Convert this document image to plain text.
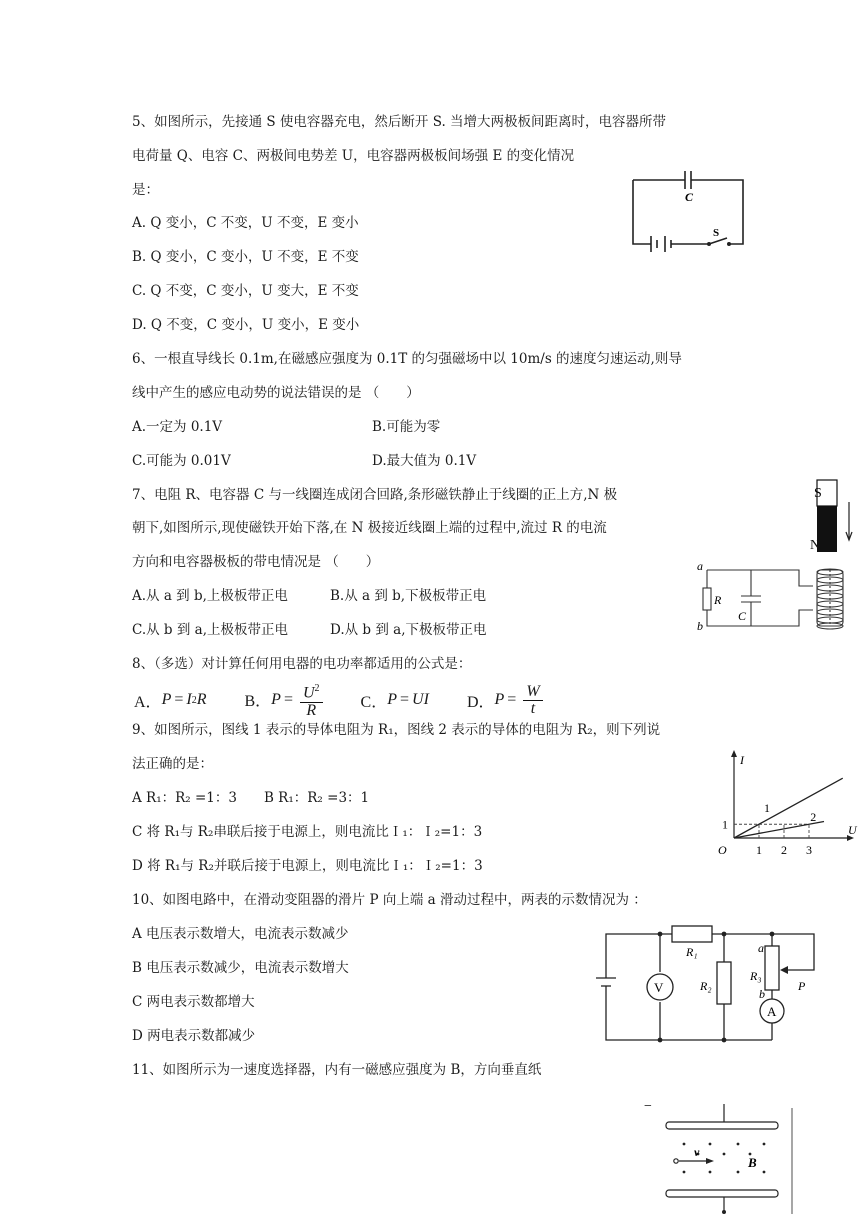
5、如图所示，先接通 S 使电容器充电，然后断开 S. 当增大两极板间距离时，电容器所带
电荷量 Q、电容 C、两极间电势差 U，电容器两极板间场强 E 的变化情况
是：
A. Q 变小，C 不变，U 不变，E 变小
B. Q 变小，C 变小，U 不变，E 不变
C. Q 不变，C 变小，U 变大，E 不变
D. Q 不变，C 变小，U 变小，E 变小
C
S
6、一根直导线长 0.1m,在磁感应强度为 0.1T 的匀强磁场中以 10m/s 的速度匀速运动,则导
线中产生的感应电动势的说法错误的是 （　　）
A.一定为 0.1V	B.可能为零
C.可能为 0.01V	D.最大值为 0.1V
7、电阻 R、电容器 C 与一线圈连成闭合回路,条形磁铁静止于线圈的正上方,N 极
朝下,如图所示,现使磁铁开始下落,在 N 极接近线圈上端的过程中,流过 R 的电流
方向和电容器极板的带电情况是 （　　）
A.从 a 到 b,上极板带正电	B.从 a 到 b,下极板带正电
C.从 b 到 a,上极板带正电	D.从 b 到 a,下极板带正电
S
N
a
b
R
C
8、（多选）对计算任何用电器的电功率都适用的公式是：
A． P = I 2 R B． $P = \frac{U^2}{R}$ C． P = UI D． $P = \frac{W}{t}$
9、如图所示，图线 1 表示的导体电阻为 R₁，图线 2 表示的导体的电阻为 R₂，则下列说
法正确的是：
A R₁：R₂ =1：3　　B R₁：R₂ =3：1
C 将 R₁与 R₂串联后接于电源上，则电流比Ｉ₁：Ｉ₂=1：3
D 将 R₁与 R₂并联后接于电源上，则电流比Ｉ₁：Ｉ₂=1：3
U
I
O 1 2 3
1
1
2
10、如图电路中，在滑动变阻器的滑片 P 向上端 a 滑动过程中，两表的示数情况为 ：
A 电压表示数增大，电流表示数减少
B 电压表示数减少，电流表示数增大
C 两电表示数都增大
D 两电表示数都减少
V
A
R₁
R₂
R₃
a
b
P
11、如图所示为一速度选择器，内有一磁感应强度为 B，方向垂直纸
−
v
B
